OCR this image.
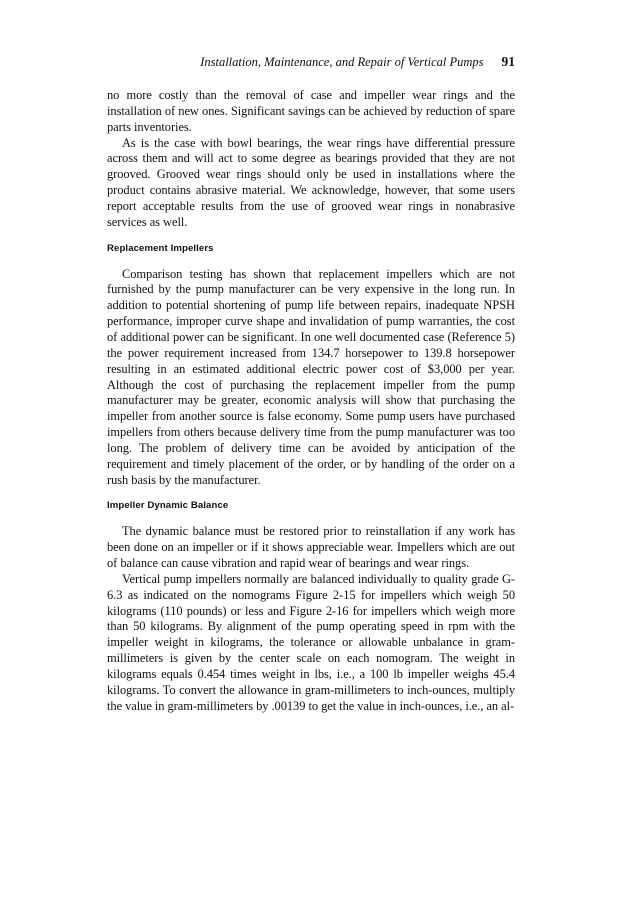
Installation, Maintenance, and Repair of Vertical Pumps 91

no more costly than the removal of case and impeller wear rings and the installation of new ones. Significant savings can be achieved by reduction of spare parts inventories.

As is the case with bowl bearings, the wear rings have differential pressure across them and will act to some degree as bearings provided that they are not grooved. Grooved wear rings should only be used in installations where the product contains abrasive material. We acknowledge, however, that some users report acceptable results from the use of grooved wear rings in nonabrasive services as well.

Replacement Impellers

Comparison testing has shown that replacement impellers which are not furnished by the pump manufacturer can be very expensive in the long run. In addition to potential shortening of pump life between repairs, inadequate NPSH performance, improper curve shape and invalidation of pump warranties, the cost of additional power can be significant. In one well documented case (Reference 5) the power requirement increased from 134.7 horsepower to 139.8 horsepower resulting in an estimated additional electric power cost of $3,000 per year. Although the cost of purchasing the replacement impeller from the pump manufacturer may be greater, economic analysis will show that purchasing the impeller from another source is false economy. Some pump users have purchased impellers from others because delivery time from the pump manufacturer was too long. The problem of delivery time can be avoided by anticipation of the requirement and timely placement of the order, or by handling of the order on a rush basis by the manufacturer.

Impeller Dynamic Balance

The dynamic balance must be restored prior to reinstallation if any work has been done on an impeller or if it shows appreciable wear. Impellers which are out of balance can cause vibration and rapid wear of bearings and wear rings.

Vertical pump impellers normally are balanced individually to quality grade G-6.3 as indicated on the nomograms Figure 2-15 for impellers which weigh 50 kilograms (110 pounds) or less and Figure 2-16 for impellers which weigh more than 50 kilograms. By alignment of the pump operating speed in rpm with the impeller weight in kilograms, the tolerance or allowable unbalance in gram-millimeters is given by the center scale on each nomogram. The weight in kilograms equals 0.454 times weight in lbs, i.e., a 100 lb impeller weighs 45.4 kilograms. To convert the allowance in gram-millimeters to inch-ounces, multiply the value in gram-millimeters by .00139 to get the value in inch-ounces, i.e., an al-
